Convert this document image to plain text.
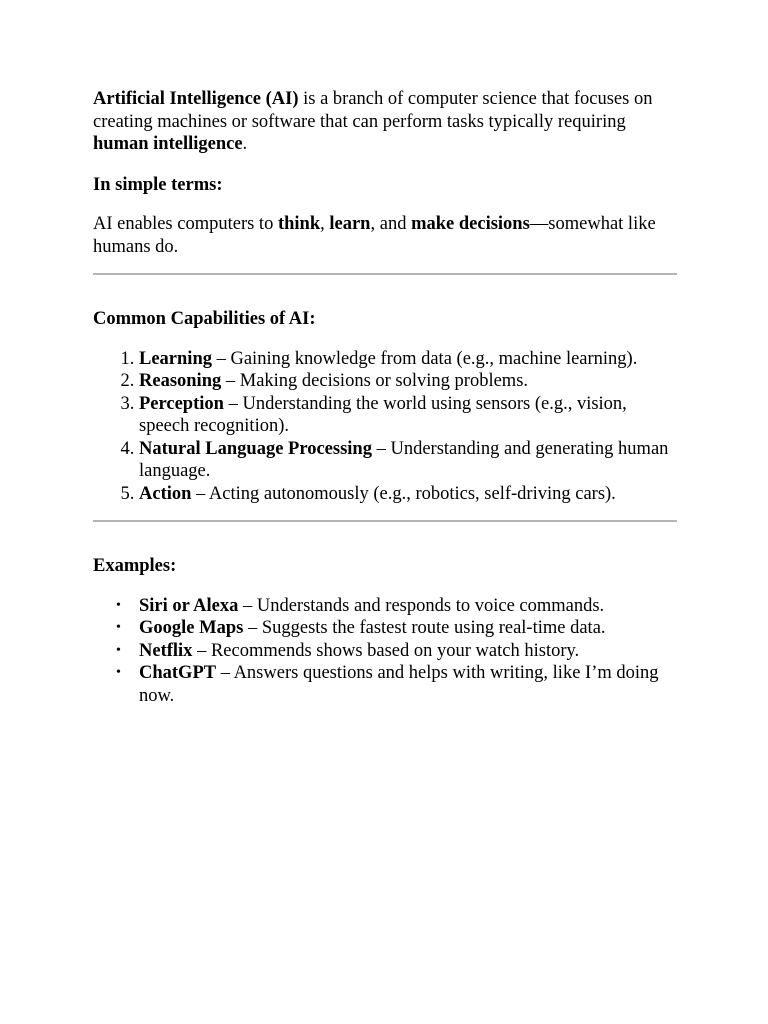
Artificial Intelligence (AI) is a branch of computer science that focuses on creating machines or software that can perform tasks typically requiring human intelligence.

In simple terms:

AI enables computers to think, learn, and make decisions—somewhat like humans do.

Common Capabilities of AI:

1. Learning – Gaining knowledge from data (e.g., machine learning).
2. Reasoning – Making decisions or solving problems.
3. Perception – Understanding the world using sensors (e.g., vision, speech recognition).
4. Natural Language Processing – Understanding and generating human language.
5. Action – Acting autonomously (e.g., robotics, self-driving cars).

Examples:

• Siri or Alexa – Understands and responds to voice commands.
• Google Maps – Suggests the fastest route using real-time data.
• Netflix – Recommends shows based on your watch history.
• ChatGPT – Answers questions and helps with writing, like I’m doing now.
